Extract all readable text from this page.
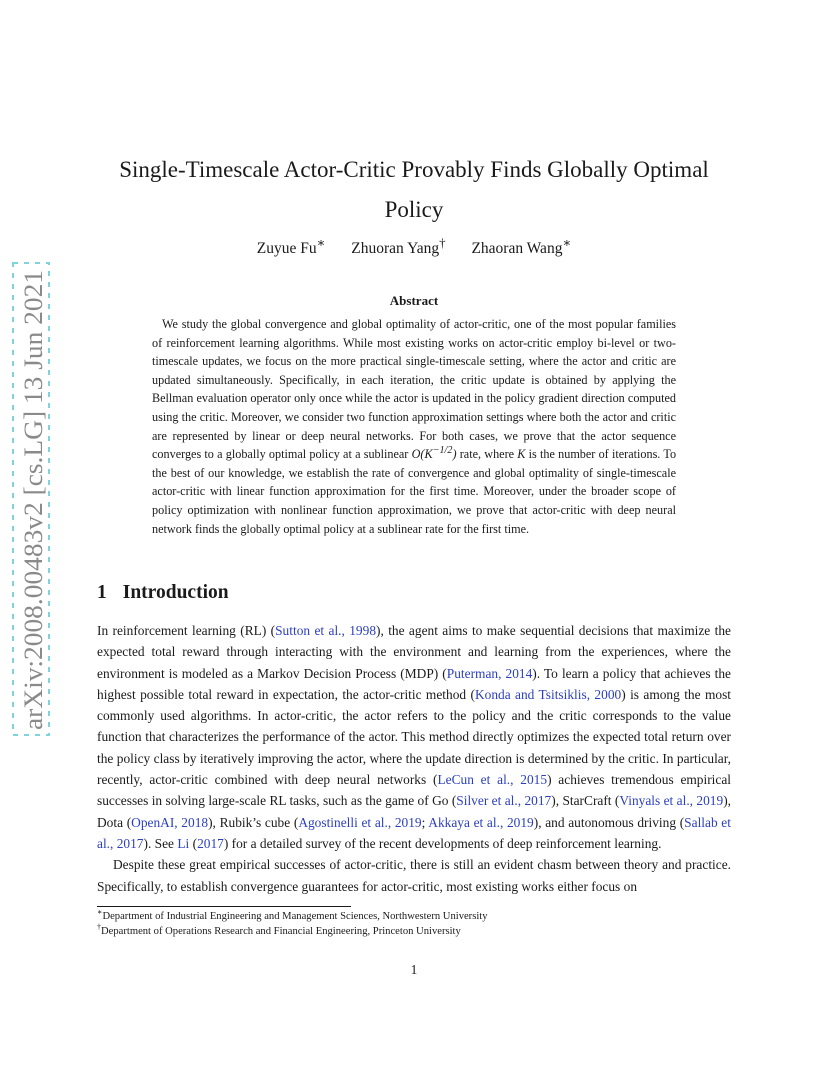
arXiv:2008.00483v2 [cs.LG] 13 Jun 2021
Single-Timescale Actor-Critic Provably Finds Globally Optimal
Policy
Zuyue Fu∗ Zhuoran Yang† Zhaoran Wang∗
Abstract

We study the global convergence and global optimality of actor-critic, one of the most popular families of reinforcement learning algorithms. While most existing works on actor-critic employ bi-level or two-timescale updates, we focus on the more practical single-timescale setting, where the actor and critic are updated simultaneously. Specifically, in each iteration, the critic update is obtained by applying the Bellman evaluation operator only once while the actor is updated in the policy gradient direction computed using the critic. Moreover, we consider two function approximation settings where both the actor and critic are represented by linear or deep neural networks. For both cases, we prove that the actor sequence converges to a globally optimal policy at a sublinear $O(K^{-1/2})$ rate, where K is the number of iterations. To the best of our knowledge, we establish the rate of convergence and global optimality of single-timescale actor-critic with linear function approximation for the first time. Moreover, under the broader scope of policy optimization with nonlinear function approximation, we prove that actor-critic with deep neural network finds the globally optimal policy at a sublinear rate for the first time.

1 Introduction

In reinforcement learning (RL) (Sutton et al., 1998), the agent aims to make sequential decisions that maximize the expected total reward through interacting with the environment and learning from the experiences, where the environment is modeled as a Markov Decision Process (MDP) (Puterman, 2014). To learn a policy that achieves the highest possible total reward in expectation, the actor-critic method (Konda and Tsitsiklis, 2000) is among the most commonly used algorithms. In actor-critic, the actor refers to the policy and the critic corresponds to the value function that characterizes the performance of the actor. This method directly optimizes the expected total return over the policy class by iteratively improving the actor, where the update direction is determined by the critic. In particular, recently, actor-critic combined with deep neural networks (LeCun et al., 2015) achieves tremendous empirical successes in solving large-scale RL tasks, such as the game of Go (Silver et al., 2017), StarCraft (Vinyals et al., 2019), Dota (OpenAI, 2018), Rubik’s cube (Agostinelli et al., 2019; Akkaya et al., 2019), and autonomous driving (Sallab et al., 2017). See Li (2017) for a detailed survey of the recent developments of deep reinforcement learning.

Despite these great empirical successes of actor-critic, there is still an evident chasm between theory and practice. Specifically, to establish convergence guarantees for actor-critic, most existing works either focus on

∗Department of Industrial Engineering and Management Sciences, Northwestern University
†Department of Operations Research and Financial Engineering, Princeton University
1
